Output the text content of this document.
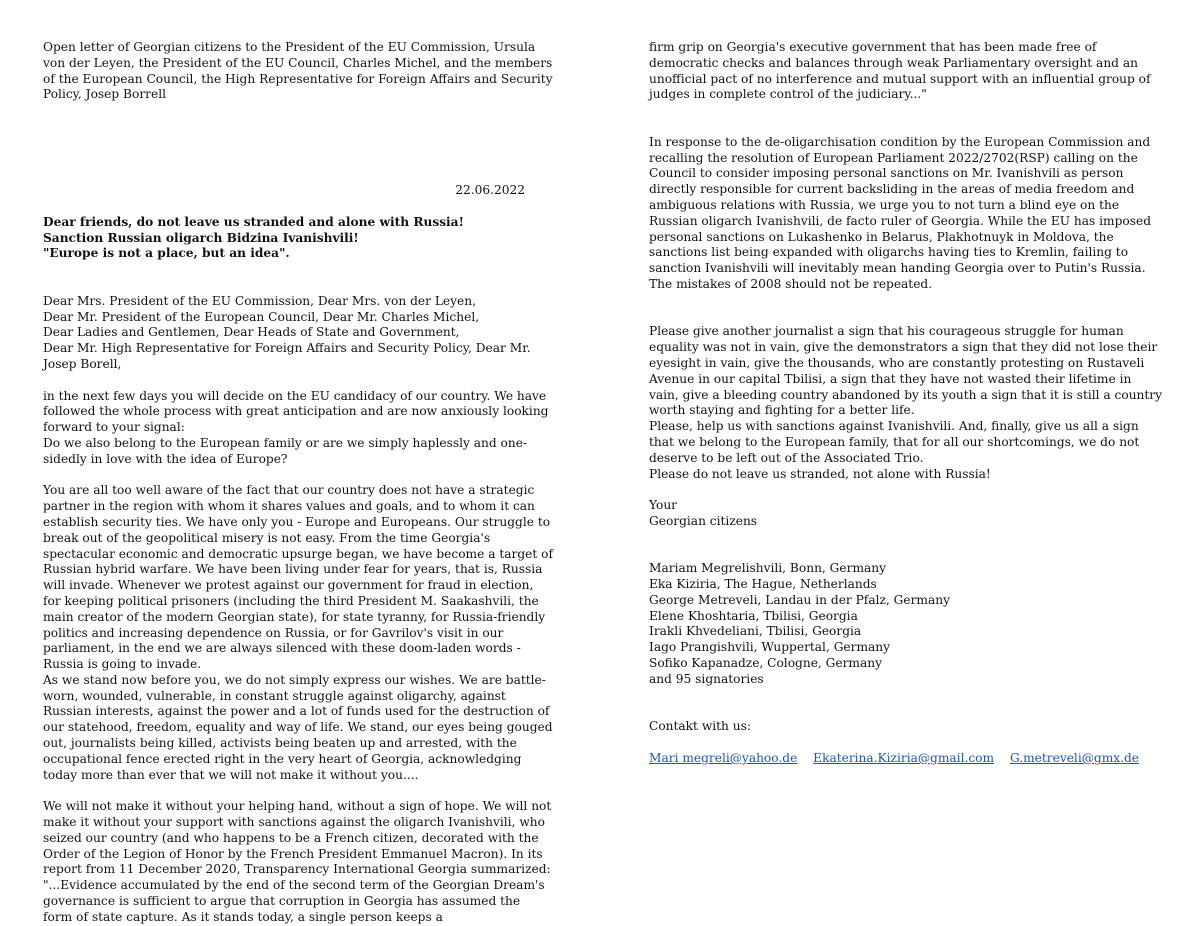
Open letter of Georgian citizens to the President of the EU Commission, Ursula von der Leyen, the President of the EU Council, Charles Michel, and the members of the European Council, the High Representative for Foreign Affairs and Security Policy, Josep Borrell

22.06.2022

Dear friends, do not leave us stranded and alone with Russia!
Sanction Russian oligarch Bidzina Ivanishvili!
"Europe is not a place, but an idea".

Dear Mrs. President of the EU Commission, Dear Mrs. von der Leyen,
Dear Mr. President of the European Council, Dear Mr. Charles Michel,
Dear Ladies and Gentlemen, Dear Heads of State and Government,
Dear Mr. High Representative for Foreign Affairs and Security Policy, Dear Mr. Josep Borell,

in the next few days you will decide on the EU candidacy of our country. We have followed the whole process with great anticipation and are now anxiously looking forward to your signal:

Do we also belong to the European family or are we simply haplessly and one-sidedly in love with the idea of Europe?

You are all too well aware of the fact that our country does not have a strategic partner in the region with whom it shares values and goals, and to whom it can establish security ties. We have only you - Europe and Europeans. Our struggle to break out of the geopolitical misery is not easy. From the time Georgia's spectacular economic and democratic upsurge began, we have become a target of Russian hybrid warfare. We have been living under fear for years, that is, Russia will invade. Whenever we protest against our government for fraud in election, for keeping political prisoners (including the third President M. Saakashvili, the main creator of the modern Georgian state), for state tyranny, for Russia-friendly politics and increasing dependence on Russia, or for Gavrilov's visit in our parliament, in the end we are always silenced with these doom-laden words - Russia is going to invade.

As we stand now before you, we do not simply express our wishes. We are battle-worn, wounded, vulnerable, in constant struggle against oligarchy, against Russian interests, against the power and a lot of funds used for the destruction of our statehood, freedom, equality and way of life. We stand, our eyes being gouged out, journalists being killed, activists being beaten up and arrested, with the occupational fence erected right in the very heart of Georgia, acknowledging today more than ever that we will not make it without you....

We will not make it without your helping hand, without a sign of hope. We will not make it without your support with sanctions against the oligarch Ivanishvili, who seized our country (and who happens to be a French citizen, decorated with the Order of the Legion of Honor by the French President Emmanuel Macron). In its report from 11 December 2020, Transparency International Georgia summarized: "...Evidence accumulated by the end of the second term of the Georgian Dream's governance is sufficient to argue that corruption in Georgia has assumed the form of state capture. As it stands today, a single person keeps a

firm grip on Georgia's executive government that has been made free of democratic checks and balances through weak Parliamentary oversight and an unofficial pact of no interference and mutual support with an influential group of judges in complete control of the judiciary..."

In response to the de-oligarchisation condition by the European Commission and recalling the resolution of European Parliament 2022/2702(RSP) calling on the Council to consider imposing personal sanctions on Mr. Ivanishvili as person directly responsible for current backsliding in the areas of media freedom and ambiguous relations with Russia, we urge you to not turn a blind eye on the Russian oligarch Ivanishvili, de facto ruler of Georgia. While the EU has imposed personal sanctions on Lukashenko in Belarus, Plakhotnuyk in Moldova, the sanctions list being expanded with oligarchs having ties to Kremlin, failing to sanction Ivanishvili will inevitably mean handing Georgia over to Putin's Russia.

The mistakes of 2008 should not be repeated.

Please give another journalist a sign that his courageous struggle for human equality was not in vain, give the demonstrators a sign that they did not lose their eyesight in vain, give the thousands, who are constantly protesting on Rustaveli Avenue in our capital Tbilisi, a sign that they have not wasted their lifetime in vain, give a bleeding country abandoned by its youth a sign that it is still a country worth staying and fighting for a better life.

Please, help us with sanctions against Ivanishvili. And, finally, give us all a sign that we belong to the European family, that for all our shortcomings, we do not deserve to be left out of the Associated Trio.

Please do not leave us stranded, not alone with Russia!

Your
Georgian citizens

Mariam Megrelishvili, Bonn, Germany
Eka Kiziria, The Hague, Netherlands
George Metreveli, Landau in der Pfalz, Germany
Elene Khoshtaria, Tbilisi, Georgia
Irakli Khvedeliani, Tbilisi, Georgia
Iago Prangishvili, Wuppertal, Germany
Sofiko Kapanadze, Cologne, Germany
and 95 signatories

Contakt with us:

Mari megreli@yahoo.de Ekaterina.Kiziria@gmail.com G.metreveli@gmx.de
